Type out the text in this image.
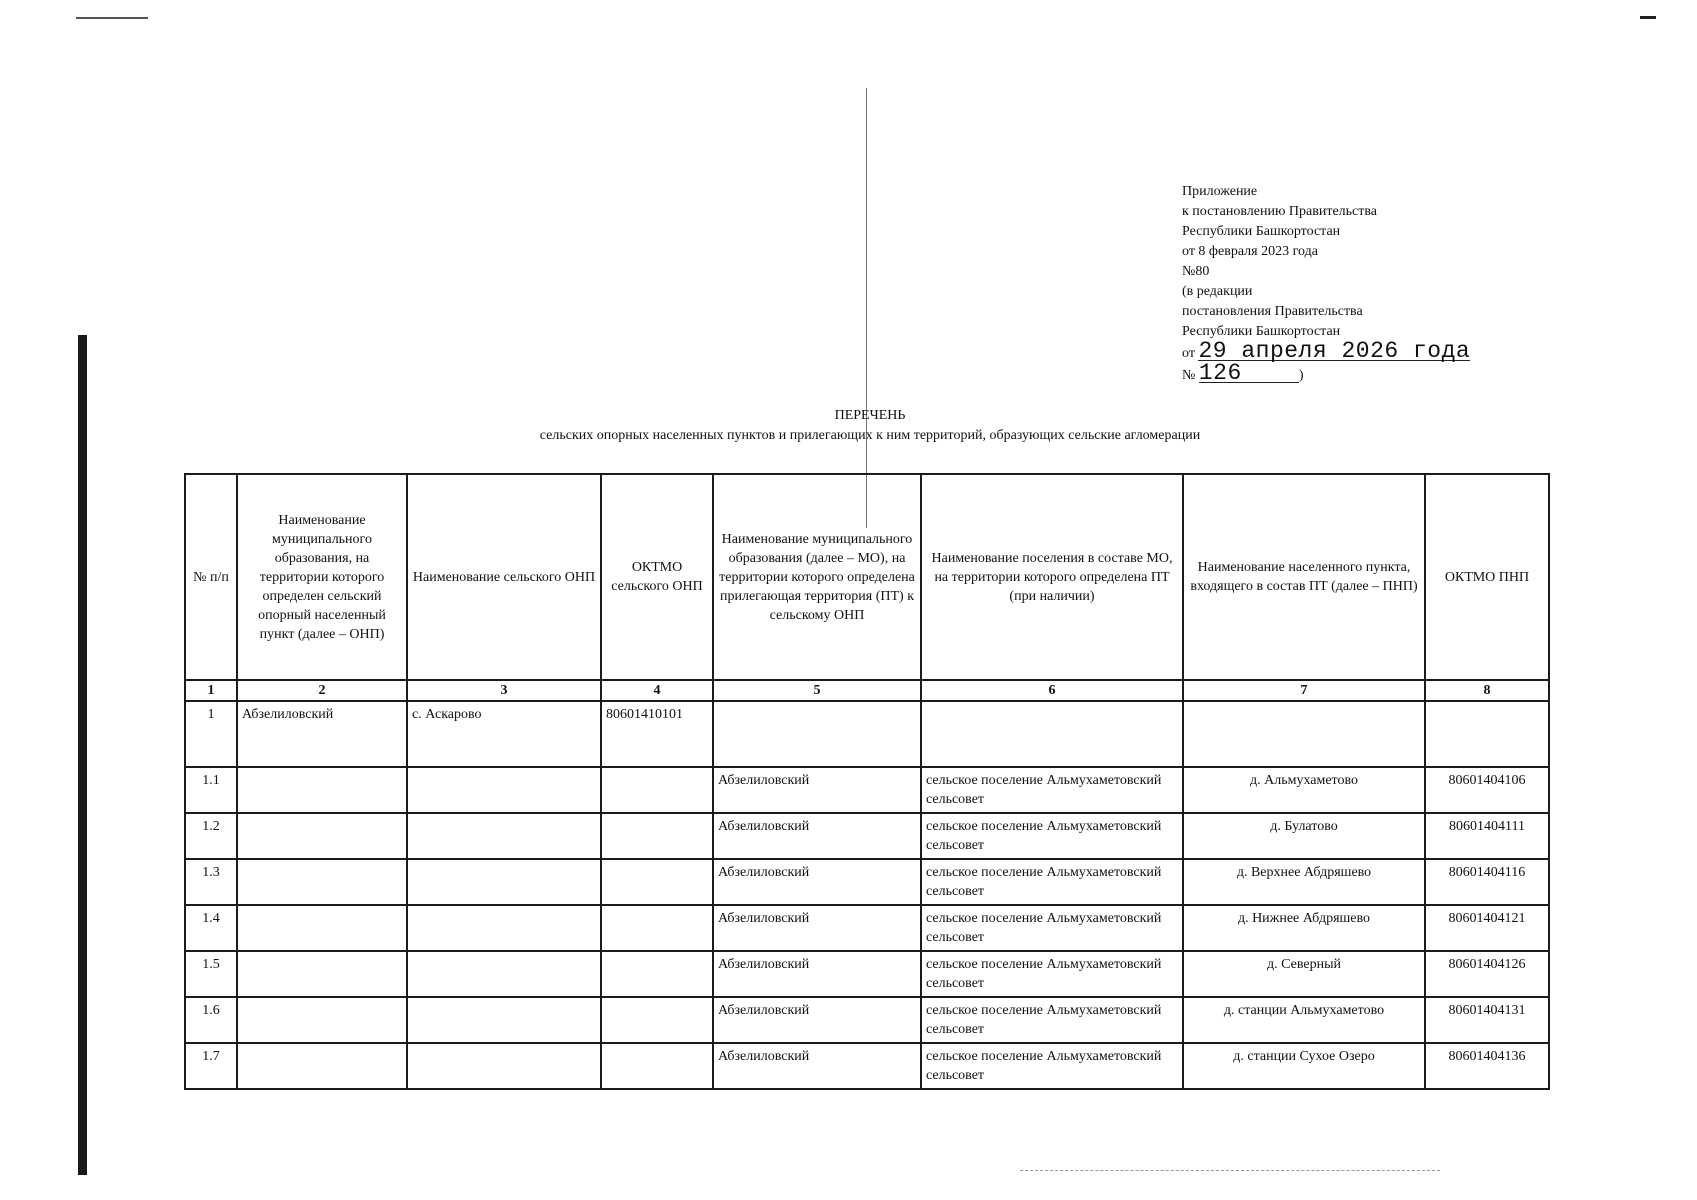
Приложение
к постановлению Правительства
Республики Башкортостан
от 8 февраля 2023 года
№80
(в редакции
постановления Правительства
Республики Башкортостан
от 29 апреля 2026 года
№ 126	)
ПЕРЕЧЕНЬ
сельских опорных населенных пунктов и прилегающих к ним территорий, образующих сельские агломерации
№ п/п	Наименование муниципального образования, на территории которого определен сельский опорный населенный пункт (далее – ОНП)	Наименование сельского ОНП	ОКТМО сельского ОНП	Наименование муниципального образования (далее – МО), на территории которого определена прилегающая территория (ПТ) к сельскому ОНП	Наименование поселения в составе МО, на территории которого определена ПТ (при наличии)	Наименование населенного пункта, входящего в состав ПТ (далее – ПНП)	ОКТМО ПНП
1	2	3	4	5	6	7	8
1	Абзелиловский	с. Аскарово	80601410101				
1.1				Абзелиловский	сельское поселение Альмухаметовский сельсовет	д. Альмухаметово	80601404106
1.2				Абзелиловский	сельское поселение Альмухаметовский сельсовет	д. Булатово	80601404111
1.3				Абзелиловский	сельское поселение Альмухаметовский сельсовет	д. Верхнее Абдряшево	80601404116
1.4				Абзелиловский	сельское поселение Альмухаметовский сельсовет	д. Нижнее Абдряшево	80601404121
1.5				Абзелиловский	сельское поселение Альмухаметовский сельсовет	д. Северный	80601404126
1.6				Абзелиловский	сельское поселение Альмухаметовский сельсовет	д. станции Альмухаметово	80601404131
1.7				Абзелиловский	сельское поселение Альмухаметовский сельсовет	д. станции Сухое Озеро	80601404136
